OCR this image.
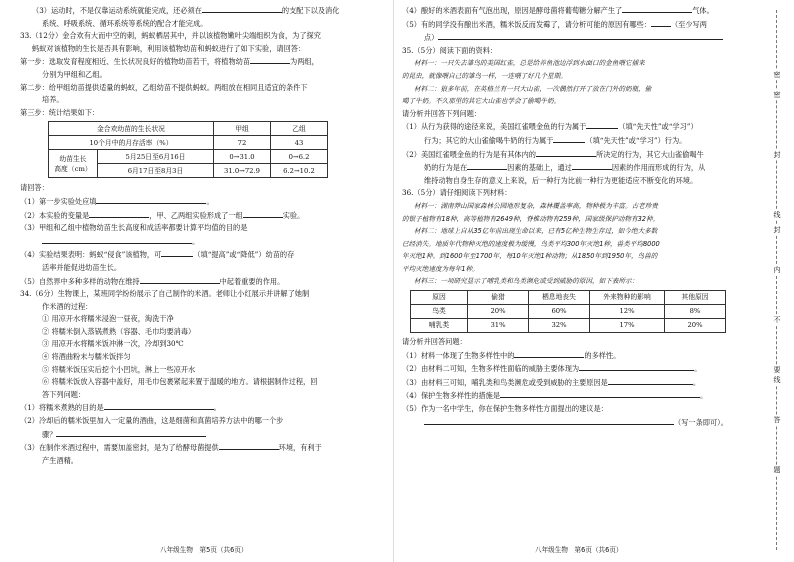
（3）运动时，不是仅靠运动系统就能完成，还必须在	的支配下以及消化
系统、呼吸系统、循环系统等系统的配合才能完成。
33.（12分）金合欢有大而中空的刺，蚂蚁栖居其中，并以该植物嫩叶尖端组织为食，为了探究
蚂蚁对该植物的生长是否具有影响，利用该植物幼苗和蚂蚁进行了如下实验，请回答：
第一步：选取发育程度相近、生长状况良好的植物幼苗若干，将植物幼苗	为两组，
分别为甲组和乙组。
第二步：给甲组幼苗提供适量的蚂蚁，乙组幼苗不提供蚂蚁。两组放在相同且适宜的条件下
培养。
第三步：统计结果如下：
金合欢幼苗的生长状况		甲组	乙组
10个月中的月存活率（%）		72	43
幼苗生长
高度（cm）	5月25日至6月16日	0→31.0	0→6.2
	6月17日至8月3日	31.0→72.9	6.2→10.2
请回答：
（1）第一步实验处应填	。
（2）本实验的变量是	，甲、乙两组实验形成了一组	实验。
（3）甲组和乙组中植物幼苗生长高度和成活率都要计算平均值的目的是
。
（4）实验结果表明：蚂蚁“侵食”该植物，可	（填“提高”或“降低”）幼苗的存
活率并能促进幼苗生长。
（5）自然界中多种多样的动物在维持	中起着重要的作用。
34.（6分）生物课上，某班同学纷纷展示了自己制作的米酒。老师让小红展示并讲解了她制
作米酒的过程：
① 用凉开水将糯米浸泡一昼夜，淘洗干净
② 将糯米倒入蒸锅煮熟（容器、毛巾均要消毒）
③ 用凉开水将糯米饭冲淋一次，冷却到30℃
④ 将酒曲粉末与糯米饭拌匀
⑤ 将糯米饭压实后挖个小凹坑，淋上一些凉开水
⑥ 将糯米饭放入容器中盖好，用毛巾包裹紧起来置于温暖的地方。请根据制作过程，回
答下列问题：
（1）将糯米煮熟的目的是	。
（2）冷却后的糯米饭里加入一定量的酒曲，这是细菌和真菌培养方法中的哪一个步
骤？
（3）在制作米酒过程中，需要加盖密封，是为了给酵母菌提供	环境，有利于
产生酒精。
（4）酿好的米酒表面有气泡出现，原因是酵母菌将葡萄糖分解产生了	气体。
（5）有的同学没有酿出米酒，糯米饭反而发霉了，请分析可能的原因有哪些：	（至少写两
点）
35.（5分）阅读下面的资料：
材料一：一只失去雏鸟的美国红雀，总是给养鱼池边浮到水面口的金鱼喂它捕来
的昆虫，就像喂自己的雏鸟一样，一连喂了好几个星期。
材料二：狼多年前，在英格兰有一只大山雀，一次偶然打开了放在门外的奶瓶，偷
喝了牛奶。不久那里的其它大山雀也学会了偷喝牛奶。
请分析并回答下列问题：
（1）从行为获得的途径来说，美国红雀喂金鱼的行为属于	（填“先天性”或“学习”）
行为；其它的大山雀偷喝牛奶的行为属于	（填“先天性”或“学习”）行为。
（2）美国红雀喂金鱼的行为是有其体内的	所决定的行为，其它大山雀偷喝牛
奶的行为是在	因素的基础上，通过	因素的作用而形成的行为，从
维持动物自身生存的意义上来说，后一种行为比前一种行为更能适应不断变化的环境。
36.（5分）请仔细阅读下列材料：
材料一：湖南莽山国家森林公园地形复杂，森林覆盖率高，物种极为丰富。古老珍贵
的银子植物有18种，高等植物有2649种，脊椎动物有259种，国家级保护动物有32种。
材料二：地球上自从35亿年前出现生命以来，已有5亿种生物生存过，如今绝大多数
已经消失。地质年代物种灭绝的速度极为缓慢，鸟类平均300年灭绝1种，兽类平均8000
年灭绝1种。到1600年至1700年，每10年灭绝1种动物；从1850年到1950年，鸟兽的
平均灭绝速度为每年1种。
材料三：一项研究显示了哺乳类和鸟类濒危或受到威胁的原因，如下表所示：
原因	偷猎	栖息地丧失	外来物种的影响	其他原因
鸟类	20%	60%	12%	8%
哺乳类	31%	32%	17%	20%
请分析并回答问题：
（1）材料一体现了生物多样性中的	的多样性。
（2）由材料二可知，生物多样性面临的威胁主要体现为	。
（3）由材料三可知，哺乳类和鸟类濒危或受到威胁的主要原因是	。
（4）保护生物多样性的措施是	。
（5）作为一名中学生，你在保护生物多样性方面提出的建议是：
（写一条即可）。
八年级生物　第5页（共6页）	八年级生物　第6页（共6页）
密
密
封
线
封
内
不
要
线
答
题
